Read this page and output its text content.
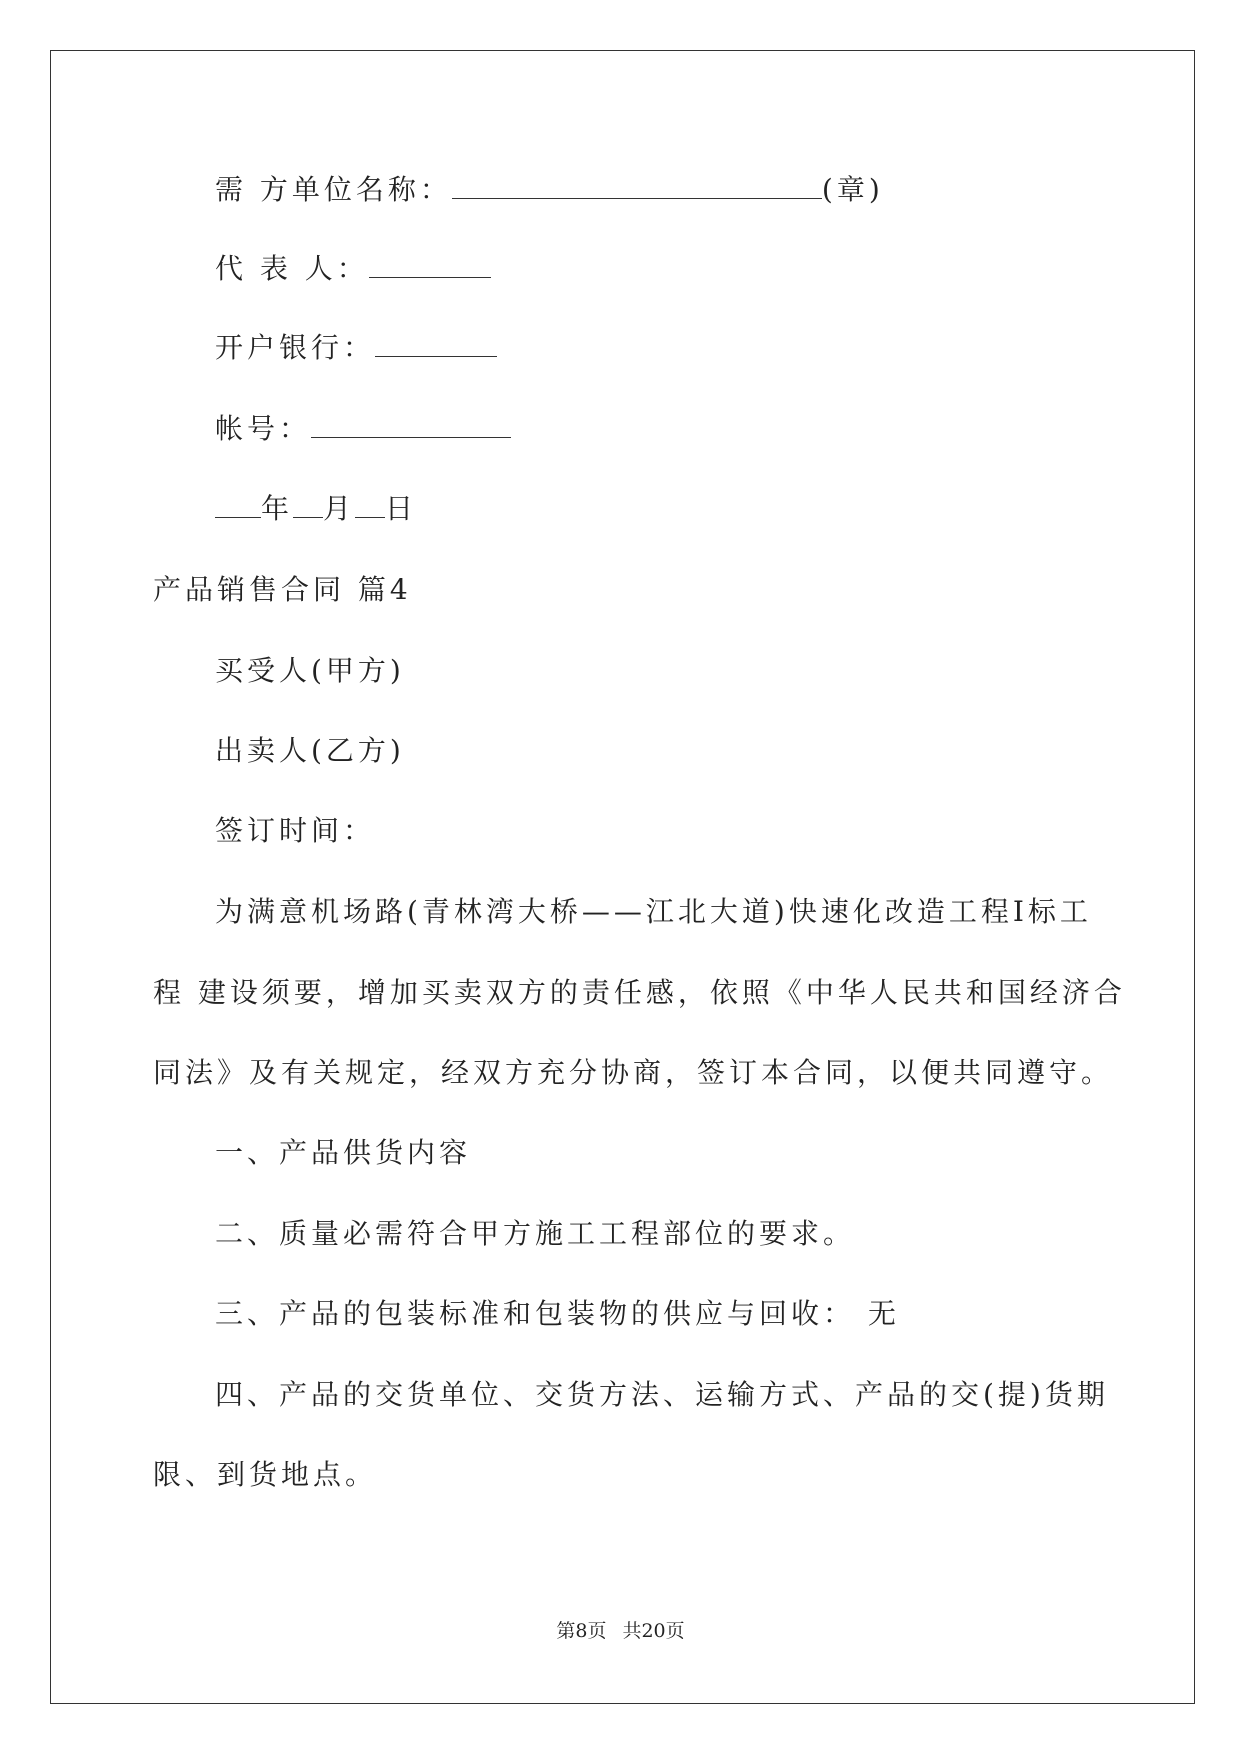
需 方单位名称：	(章)
代 表 人：
开户银行：
帐号：
年 月 日
产品销售合同 篇4
买受人(甲方)
出卖人(乙方)
签订时间：
为满意机场路(青林湾大桥——江北大道)快速化改造工程Ⅰ标工
程 建设须要，增加买卖双方的责任感，依照《中华人民共和国经济合
同法》及有关规定，经双方充分协商，签订本合同，以便共同遵守。
一、产品供货内容
二、质量必需符合甲方施工工程部位的要求。
三、产品的包装标准和包装物的供应与回收： 无
四、产品的交货单位、交货方法、运输方式、产品的交(提)货期
限、到货地点。
第8页 共20页
